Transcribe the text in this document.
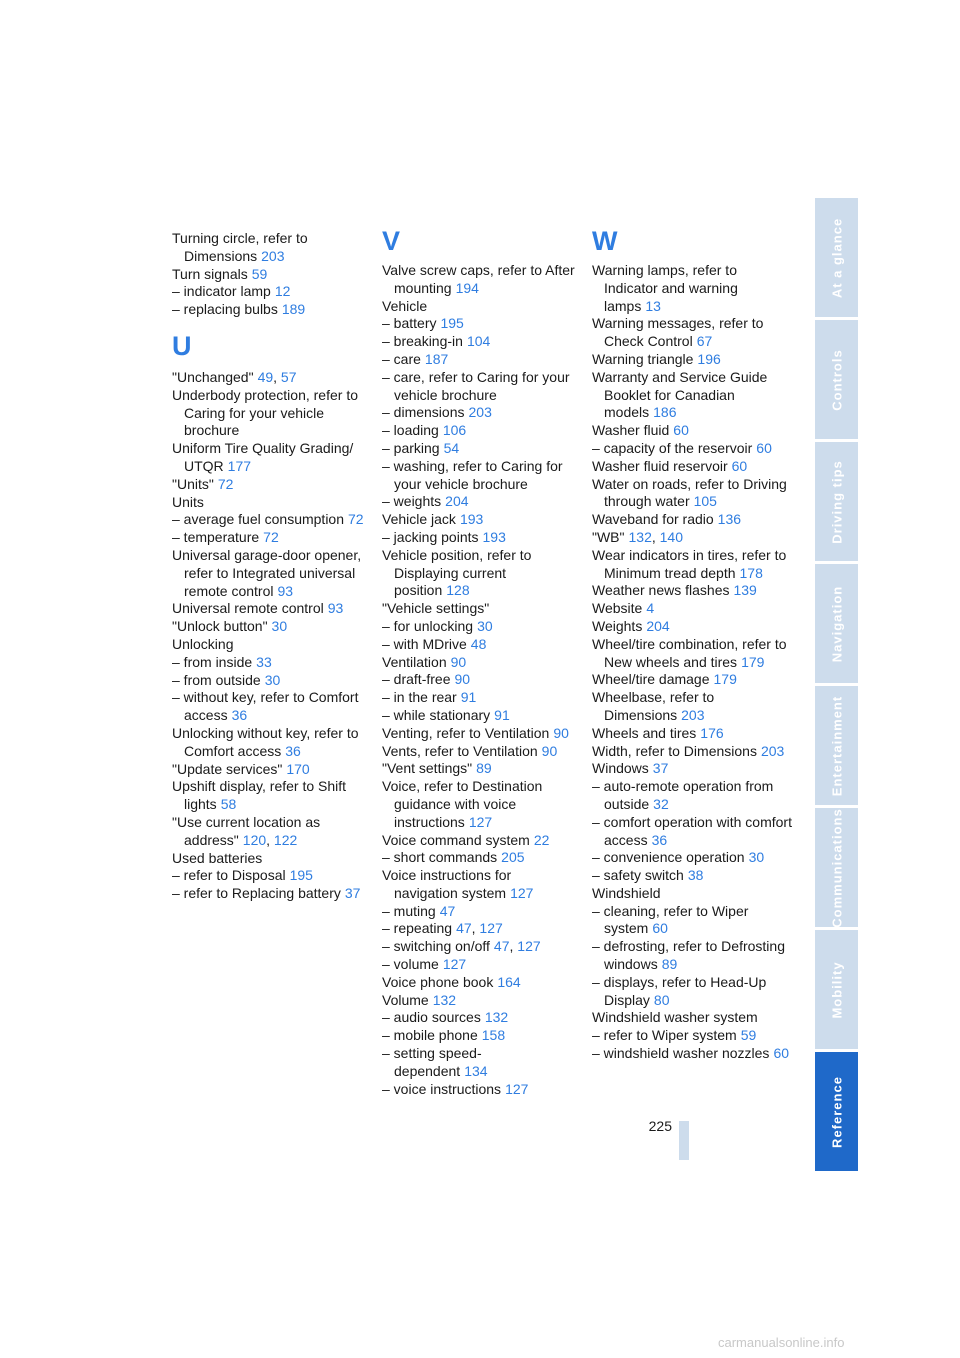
Turning circle, refer to Dimensions 203
Turn signals 59
– indicator lamp 12
– replacing bulbs 189
U
"Unchanged" 49, 57
Underbody protection, refer to Caring for your vehicle brochure
Uniform Tire Quality Grading/ UTQR 177
"Units" 72
Units
– average fuel consumption 72
– temperature 72
Universal garage-door opener, refer to Integrated universal remote control 93
Universal remote control 93
"Unlock button" 30
Unlocking
– from inside 33
– from outside 30
– without key, refer to Comfort access 36
Unlocking without key, refer to Comfort access 36
"Update services" 170
Upshift display, refer to Shift lights 58
"Use current location as address" 120, 122
Used batteries
– refer to Disposal 195
– refer to Replacing battery 37
V
Valve screw caps, refer to After mounting 194
Vehicle
– battery 195
– breaking-in 104
– care 187
– care, refer to Caring for your vehicle brochure
– dimensions 203
– loading 106
– parking 54
– washing, refer to Caring for your vehicle brochure
– weights 204
Vehicle jack 193
– jacking points 193
Vehicle position, refer to Displaying current position 128
"Vehicle settings"
– for unlocking 30
– with MDrive 48
Ventilation 90
– draft-free 90
– in the rear 91
– while stationary 91
Venting, refer to Ventilation 90
Vents, refer to Ventilation 90
"Vent settings" 89
Voice, refer to Destination guidance with voice instructions 127
Voice command system 22
– short commands 205
Voice instructions for navigation system 127
– muting 47
– repeating 47, 127
– switching on/off 47, 127
– volume 127
Voice phone book 164
Volume 132
– audio sources 132
– mobile phone 158
– setting speed- dependent 134
– voice instructions 127
W
Warning lamps, refer to Indicator and warning lamps 13
Warning messages, refer to Check Control 67
Warning triangle 196
Warranty and Service Guide Booklet for Canadian models 186
Washer fluid 60
– capacity of the reservoir 60
Washer fluid reservoir 60
Water on roads, refer to Driving through water 105
Waveband for radio 136
"WB" 132, 140
Wear indicators in tires, refer to Minimum tread depth 178
Weather news flashes 139
Website 4
Weights 204
Wheel/tire combination, refer to New wheels and tires 179
Wheel/tire damage 179
Wheelbase, refer to Dimensions 203
Wheels and tires 176
Width, refer to Dimensions 203
Windows 37
– auto-remote operation from outside 32
– comfort operation with comfort access 36
– convenience operation 30
– safety switch 38
Windshield
– cleaning, refer to Wiper system 60
– defrosting, refer to Defrosting windows 89
– displays, refer to Head-Up Display 80
Windshield washer system
– refer to Wiper system 59
– windshield washer nozzles 60
At a glance
Controls
Driving tips
Navigation
Entertainment
Communications
Mobility
Reference
225
carmanualsonline.info
